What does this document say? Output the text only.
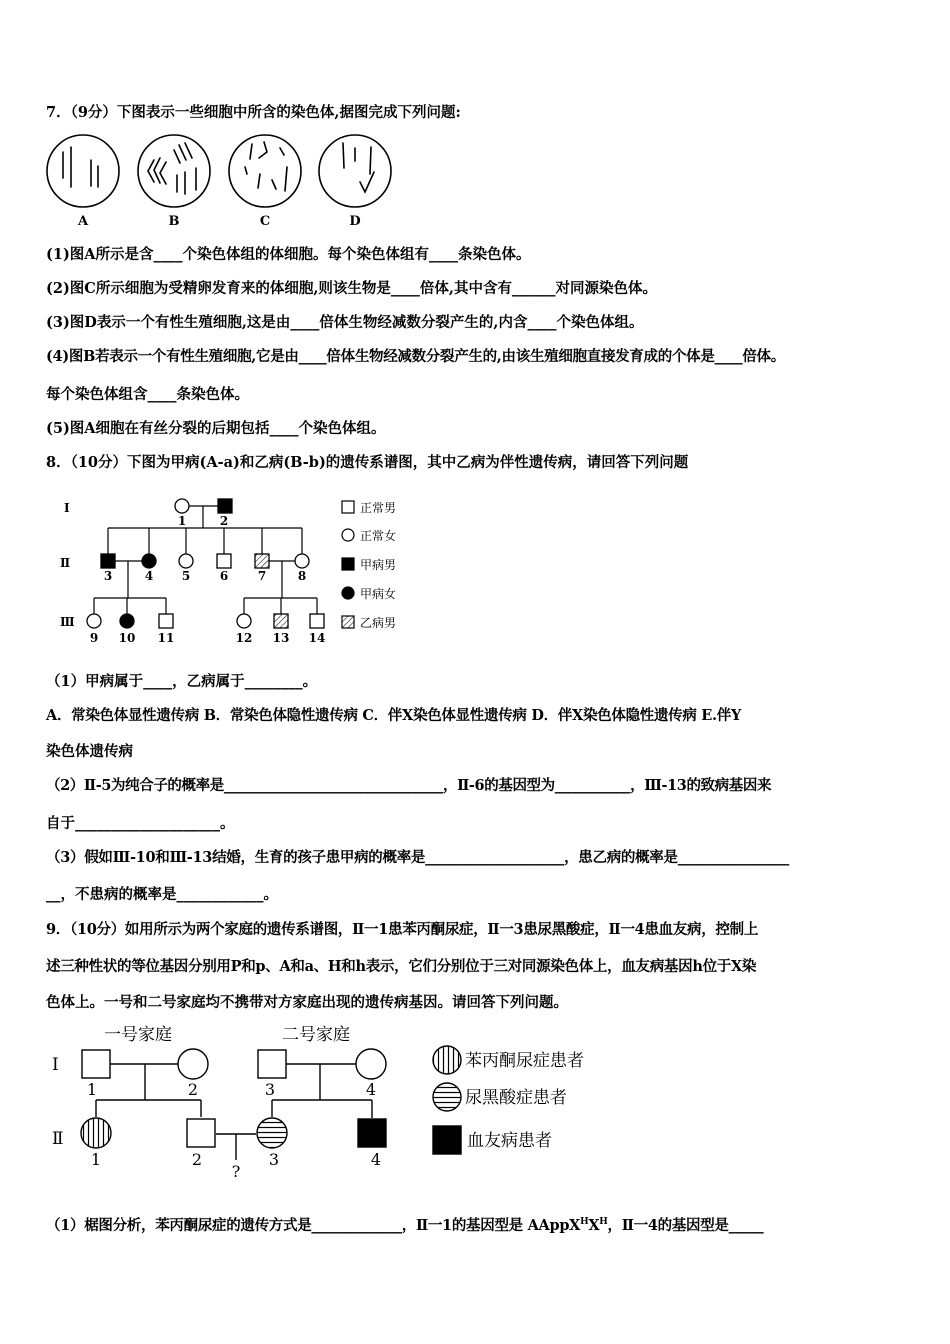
7．（9分）下图表示一些细胞中所含的染色体,据图完成下列问题:
A	B	C	D
(1)图A所示是含____个染色体组的体细胞。每个染色体组有____条染色体。
(2)图C所示细胞为受精卵发育来的体细胞,则该生物是____倍体,其中含有______对同源染色体。
(3)图D表示一个有性生殖细胞,这是由____倍体生物经减数分裂产生的,内含____个染色体组。
(4)图B若表示一个有性生殖细胞,它是由____倍体生物经减数分裂产生的,由该生殖细胞直接发育成的个体是____倍体。
每个染色体组含____条染色体。
(5)图A细胞在有丝分裂的后期包括____个染色体组。
8．（10分）下图为甲病(A-a)和乙病(B-b)的遗传系谱图，其中乙病为伴性遗传病，请回答下列问题
Ⅰ
Ⅱ
Ⅲ
1	2
3	4 5 6 7	8
9 10 11	12 13 14
正常男
正常女
甲病男
甲病女
乙病男
（1）甲病属于____，乙病属于________。
A．常染色体显性遗传病 B．常染色体隐性遗传病 C．伴X染色体显性遗传病 D．伴X染色体隐性遗传病 E.伴Y
染色体遗传病
（2）Ⅱ-5为纯合子的概率是________________________________，Ⅱ-6的基因型为___________，Ⅲ-13的致病基因来
自于____________________。
（3）假如Ⅲ-10和Ⅲ-13结婚，生育的孩子患甲病的概率是____________________，患乙病的概率是________________
__，不患病的概率是____________。
9．（10分）如用所示为两个家庭的遗传系谱图，Ⅱ一1患苯丙酮尿症，Ⅱ一3患尿黑酸症，Ⅱ一4患血友病，控制上
述三种性状的等位基因分别用P和p、A和a、H和h表示，它们分别位于三对同源染色体上，血友病基因h位于X染
色体上。一号和二号家庭均不携带对方家庭出现的遗传病基因。请回答下列问题。
一号家庭	二号家庭
Ⅰ
Ⅱ
1	2	3	4
1	2	3	4
?
苯丙酮尿症患者
尿黑酸症患者
血友病患者
（1）椐图分析，苯丙酮尿症的遗传方式是_____________，Ⅱ一1的基因型是 $AAppX^HX^H$，Ⅱ一4的基因型是_____
